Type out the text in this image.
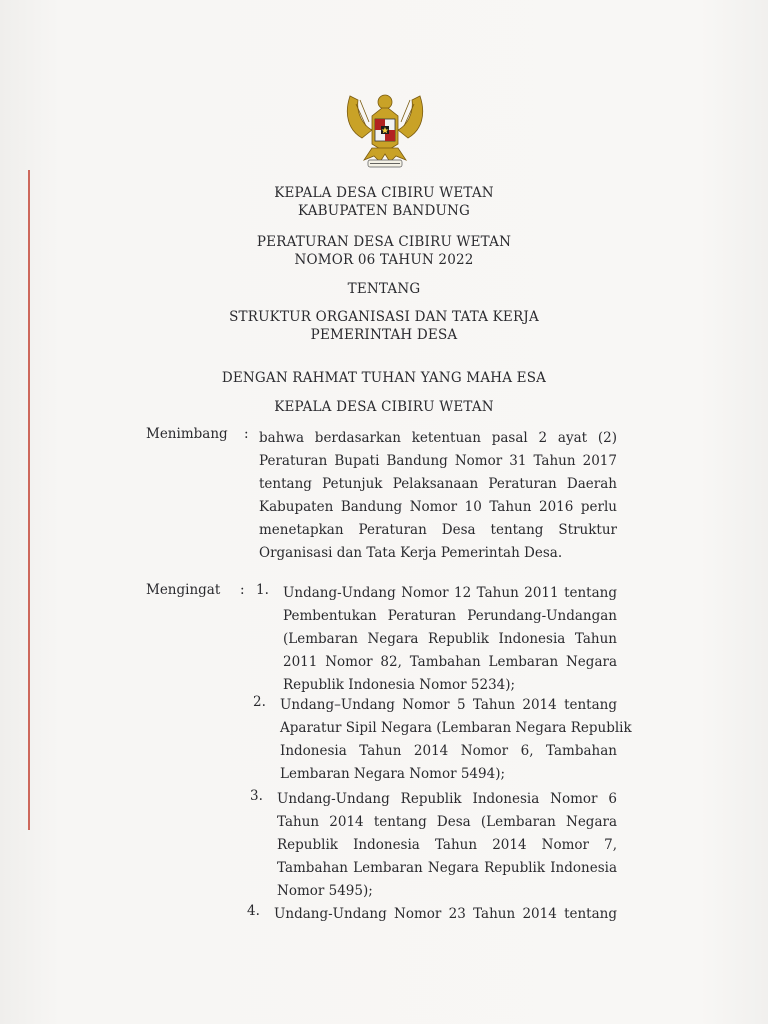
KEPALA DESA CIBIRU WETAN
KABUPATEN BANDUNG
PERATURAN DESA CIBIRU WETAN
NOMOR 06 TAHUN 2022
TENTANG
STRUKTUR ORGANISASI DAN TATA KERJA
PEMERINTAH DESA
DENGAN RAHMAT TUHAN YANG MAHA ESA
KEPALA DESA CIBIRU WETAN
Menimbang : bahwa berdasarkan ketentuan pasal 2 ayat (2)
Peraturan Bupati Bandung Nomor 31 Tahun 2017
tentang Petunjuk Pelaksanaan Peraturan Daerah
Kabupaten Bandung Nomor 10 Tahun 2016 perlu
menetapkan Peraturan Desa tentang Struktur
Organisasi dan Tata Kerja Pemerintah Desa.
Mengingat : 1. Undang-Undang Nomor 12 Tahun 2011 tentang
Pembentukan Peraturan Perundang-Undangan
(Lembaran Negara Republik Indonesia Tahun
2011 Nomor 82, Tambahan Lembaran Negara
Republik Indonesia Nomor 5234);
2. Undang–Undang Nomor 5 Tahun 2014 tentang
Aparatur Sipil Negara (Lembaran Negara Republik
Indonesia Tahun 2014 Nomor 6, Tambahan
Lembaran Negara Nomor 5494);
3. Undang-Undang Republik Indonesia Nomor 6
Tahun 2014 tentang Desa (Lembaran Negara
Republik Indonesia Tahun 2014 Nomor 7,
Tambahan Lembaran Negara Republik Indonesia
Nomor 5495);
4. Undang-Undang Nomor 23 Tahun 2014 tentang
